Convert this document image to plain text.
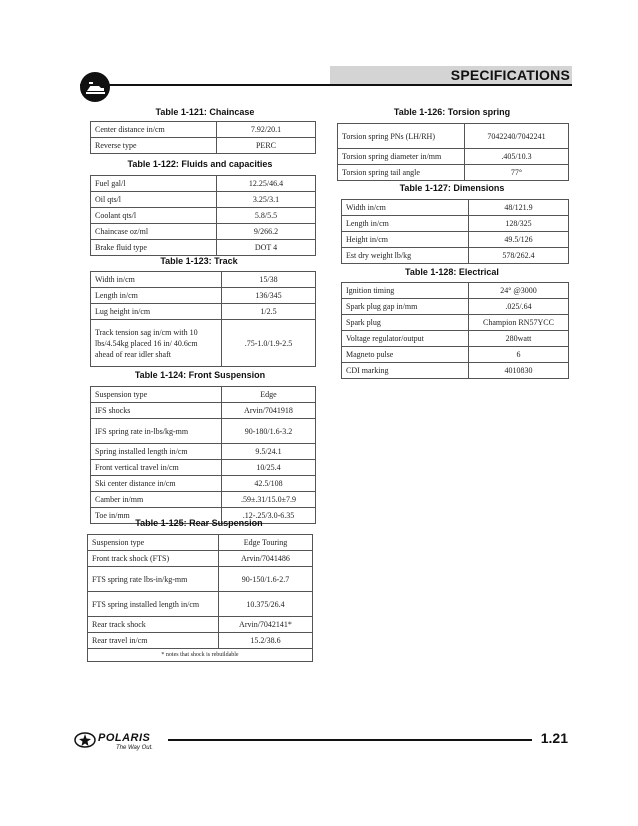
SPECIFICATIONS
Table 1-121: Chaincase
Center distance in/cm	7.92/20.1
Reverse type	PERC
Table 1-122: Fluids and capacities
Fuel gal/l	12.25/46.4
Oil qts/l	3.25/3.1
Coolant qts/l	5.8/5.5
Chaincase oz/ml	9/266.2
Brake fluid type	DOT 4
Table 1-123: Track
Width in/cm	15/38
Length in/cm	136/345
Lug height in/cm	1/2.5
Track tension sag in/cm with 10 lbs/4.54kg placed 16 in/ 40.6cm ahead of rear idler shaft	.75-1.0/1.9-2.5
Table 1-124: Front Suspension
Suspension type	Edge
IFS shocks	Arvin/7041918
IFS spring rate in-lbs/kg-mm	90-180/1.6-3.2
Spring installed length in/cm	9.5/24.1
Front vertical travel in/cm	10/25.4
Ski center distance in/cm	42.5/108
Camber in/mm	.59±.31/15.0±7.9
Toe in/mm	.12-.25/3.0-6.35
Table 1-125: Rear Suspension
Suspension type	Edge Touring
Front track shock (FTS)	Arvin/7041486
FTS spring rate lbs-in/kg-mm	90-150/1.6-2.7
FTS spring installed length in/cm	10.375/26.4
Rear track shock	Arvin/7042141*
Rear travel in/cm	15.2/38.6
* notes that shock is rebuildable	
Table 1-126: Torsion spring
Torsion spring PNs (LH/RH)	7042240/7042241
Torsion spring diameter in/mm	.405/10.3
Torsion spring tail angle	77°
Table 1-127: Dimensions
Width in/cm	48/121.9
Length in/cm	128/325
Height in/cm	49.5/126
Est dry weight lb/kg	578/262.4
Table 1-128: Electrical
Ignition timing	24° @3000
Spark plug gap in/mm	.025/.64
Spark plug	Champion RN57YCC
Voltage regulator/output	280watt
Magneto pulse	6
CDI marking	4010830
POLARIS
The Way Out.
1.21
